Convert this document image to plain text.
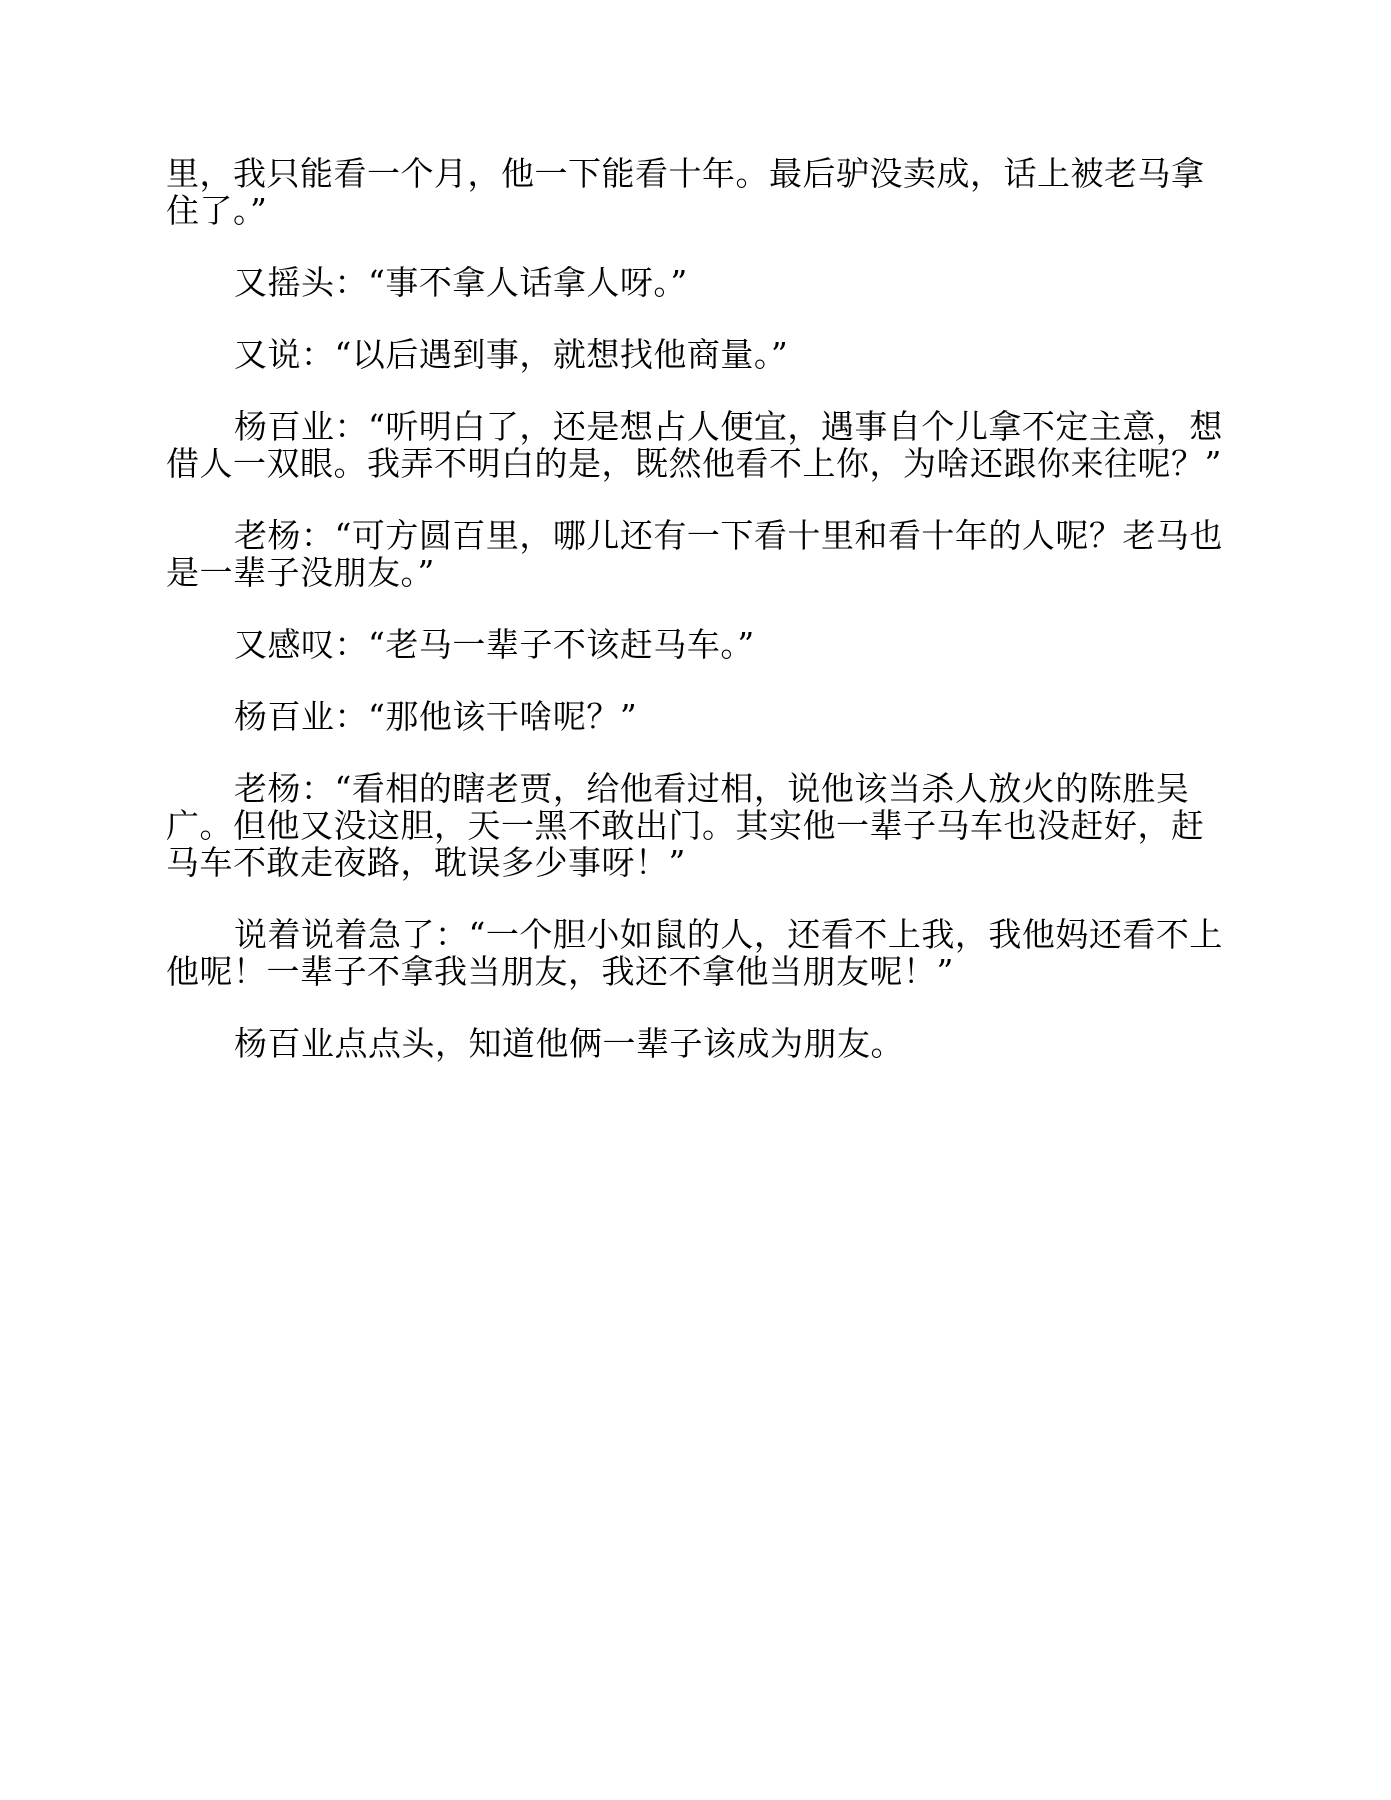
里，我只能看一个月，他一下能看十年。最后驴没卖成，话上被老马拿住了。”

又摇头：“事不拿人话拿人呀。”

又说：“以后遇到事，就想找他商量。”

杨百业：“听明白了，还是想占人便宜，遇事自个儿拿不定主意，想借人一双眼。我弄不明白的是，既然他看不上你，为啥还跟你来往呢？”

老杨：“可方圆百里，哪儿还有一下看十里和看十年的人呢？老马也是一辈子没朋友。”

又感叹：“老马一辈子不该赶马车。”

杨百业：“那他该干啥呢？”

老杨：“看相的瞎老贾，给他看过相，说他该当杀人放火的陈胜吴广。但他又没这胆，天一黑不敢出门。其实他一辈子马车也没赶好，赶马车不敢走夜路，耽误多少事呀！”

说着说着急了：“一个胆小如鼠的人，还看不上我，我他妈还看不上他呢！一辈子不拿我当朋友，我还不拿他当朋友呢！”

杨百业点点头，知道他俩一辈子该成为朋友。
